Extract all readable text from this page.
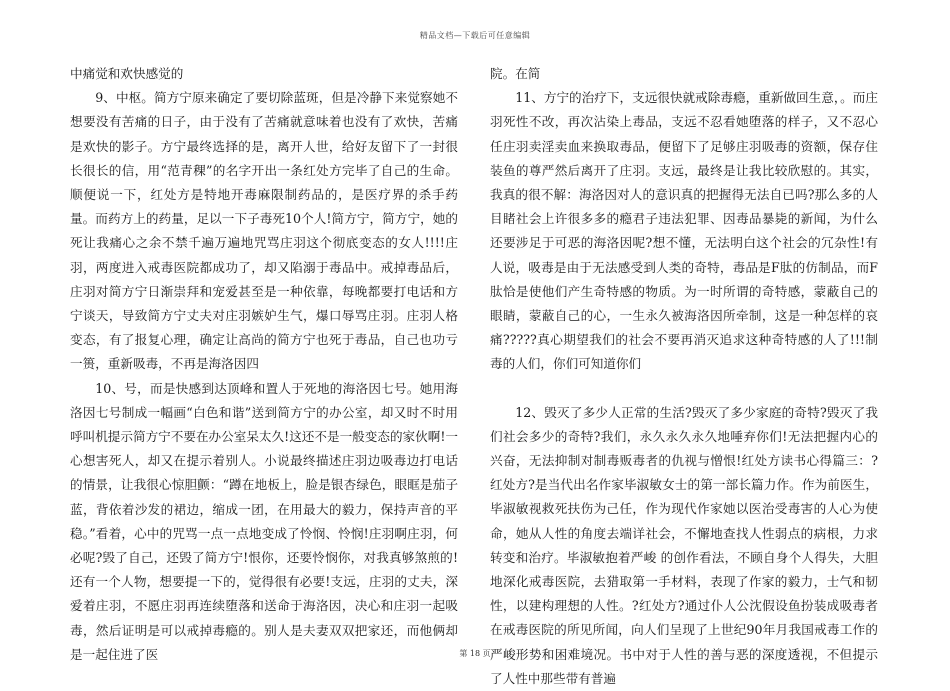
精品文档—下载后可任意编辑

中痛觉和欢快感觉的

9、中枢。简方宁原来确定了要切除蓝斑，但是冷静下来觉察她不想要没有苦痛的日子，由于没有了苦痛就意味着也没有了欢快，苦痛是欢快的影子。方宁最终选择的是，离开人世，给好友留下了一封很长很长的信，用“范青稞”的名字开出一条红处方完毕了自己的生命。顺便说一下，红处方是特地开毒麻限制药品的，是医疗界的杀手药量。而药方上的药量，足以一下子毒死10个人!简方宁，简方宁，她的死让我痛心之余不禁千遍万遍地咒骂庄羽这个彻底变态的女人!!!!庄羽，两度进入戒毒医院都成功了，却又陷溺于毒品中。戒掉毒品后，庄羽对简方宁日渐崇拜和宠爱甚至是一种依靠，每晚都要打电话和方宁谈天，导致简方宁丈夫对庄羽嫉妒生气，爆口辱骂庄羽。庄羽人格变态，有了报复心理，确定让高尚的简方宁也死于毒品，自己也功亏一篑，重新吸毒，不再是海洛因四

10、号，而是快感到达顶峰和置人于死地的海洛因七号。她用海洛因七号制成一幅画“白色和谐”送到简方宁的办公室，却又时不时用呼叫机提示简方宁不要在办公室呆太久!这还不是一般变态的家伙啊!一心想害死人，却又在提示着别人。小说最终描述庄羽边吸毒边打电话的情景，让我很心惊胆颤：“蹲在地板上，脸是银杏绿色，眼眶是茄子蓝，背依着沙发的裙边，缩成一团，在用最大的毅力，保持声音的平稳。”看着，心中的咒骂一点一点地变成了怜悯、怜悯!庄羽啊庄羽，何必呢?毁了自己，还毁了简方宁!恨你，还要怜悯你，对我真够煞煎的!还有一个人物，想要提一下的，觉得很有必要!支远，庄羽的丈夫，深爱着庄羽，不愿庄羽再连续堕落和送命于海洛因，决心和庄羽一起吸毒，然后证明是可以戒掉毒瘾的。别人是夫妻双双把家还，而他俩却是一起住进了医

院。在简

11、方宁的治疗下，支远很快就戒除毒瘾，重新做回生意，。而庄羽死性不改，再次沾染上毒品，支远不忍看她堕落的样子，又不忍心任庄羽卖淫卖血来换取毒品，便留下了足够庄羽吸毒的资额，保存住装鱼的尊严然后离开了庄羽。支远，最终是让我比较欣慰的。其实，我真的很不解：海洛因对人的意识真的把握得无法自已吗?那么多的人目睹社会上许很多多的瘾君子违法犯罪、因毒品暴毙的新闻，为什么还要涉足于可恶的海洛因呢?想不懂，无法明白这个社会的冗杂性!有人说，吸毒是由于无法感受到人类的奇特，毒品是F肽的仿制品，而F肽恰是使他们产生奇特感的物质。为一时所谓的奇特感，蒙蔽自己的眼睛，蒙蔽自己的心，一生永久被海洛因所牵制，这是一种怎样的哀痛?????真心期望我们的社会不要再消灭追求这种奇特感的人了!!!制毒的人们，你们可知道你们

12、毁灭了多少人正常的生活?毁灭了多少家庭的奇特?毁灭了我们社会多少的奇特?我们，永久永久永久地唾弃你们!无法把握内心的兴奋，无法抑制对制毒贩毒者的仇视与憎恨!红处方读书心得篇三：?红处方?是当代出名作家毕淑敏女士的第一部长篇力作。作为前医生，毕淑敏视救死扶伤为己任，作为现代作家她以医治受毒害的人心为使命，她从人性的角度去端详社会，不懈地查找人性弱点的病根，力求转变和治疗。毕淑敏抱着严峻 的创作看法，不顾自身个人得失，大胆地深化戒毒医院，去猎取第一手材料，表现了作家的毅力，士气和韧性，以建构理想的人性。?红处方?通过仆人公沈假设鱼扮装成吸毒者在戒毒医院的所见所闻，向人们呈现了上世纪90年月我国戒毒工作的严峻形势和困难境况。书中对于人性的善与恶的深度透视，不但提示了人性中那些带有普遍

第 18 页
